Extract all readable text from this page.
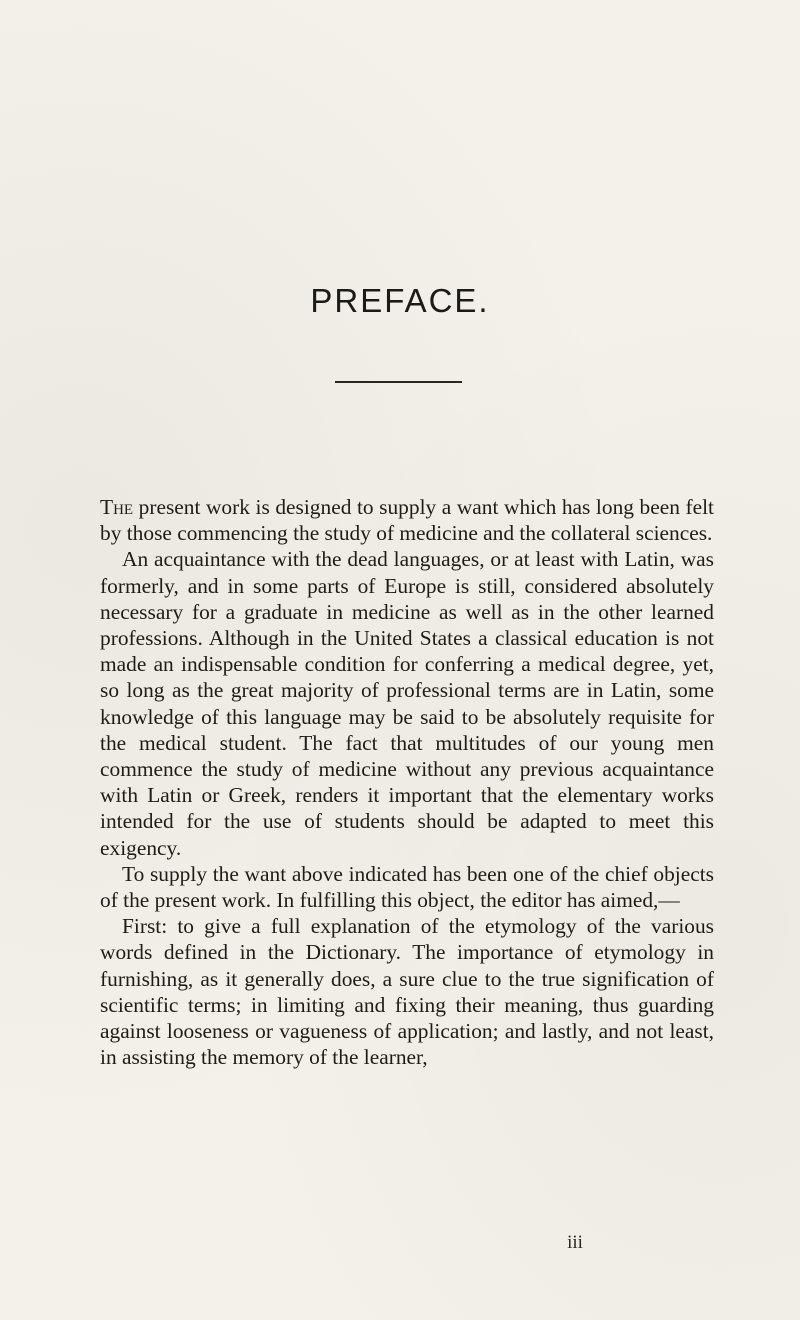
PREFACE.

The present work is designed to supply a want which has long been felt by those commencing the study of medicine and the collateral sciences.

An acquaintance with the dead languages, or at least with Latin, was formerly, and in some parts of Europe is still, considered absolutely necessary for a graduate in medicine as well as in the other learned professions. Although in the United States a classical education is not made an indispensable condition for conferring a medical degree, yet, so long as the great majority of professional terms are in Latin, some knowledge of this language may be said to be absolutely requisite for the medical student. The fact that multitudes of our young men commence the study of medicine without any previous acquaintance with Latin or Greek, renders it important that the elementary works intended for the use of students should be adapted to meet this exigency.

To supply the want above indicated has been one of the chief objects of the present work. In fulfilling this object, the editor has aimed,—

First: to give a full explanation of the etymology of the various words defined in the Dictionary. The importance of etymology in furnishing, as it generally does, a sure clue to the true signification of scientific terms; in limiting and fixing their meaning, thus guarding against looseness or vagueness of application; and lastly, and not least, in assisting the memory of the learner,

iii
